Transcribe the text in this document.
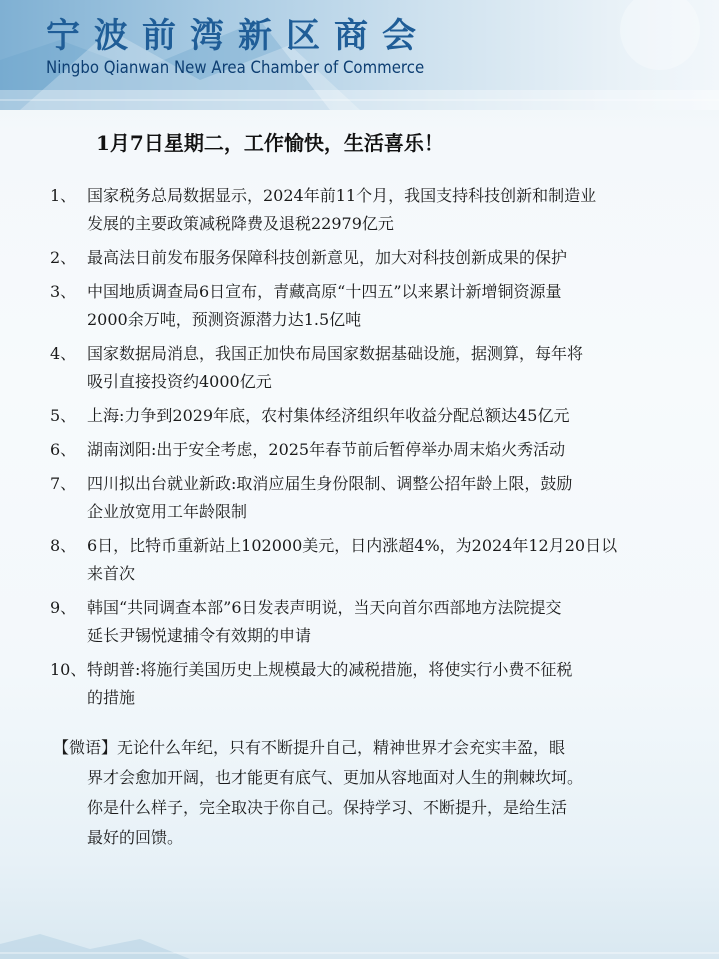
宁波前湾新区商会
Ningbo Qianwan New Area Chamber of Commerce
1月7日星期二，工作愉快，生活喜乐！
1、 国家税务总局数据显示，2024年前11个月，我国支持科技创新和制造业
发展的主要政策减税降费及退税22979亿元
2、 最高法日前发布服务保障科技创新意见，加大对科技创新成果的保护
3、 中国地质调查局6日宣布，青藏高原“十四五”以来累计新增铜资源量
2000余万吨，预测资源潜力达1.5亿吨
4、 国家数据局消息，我国正加快布局国家数据基础设施，据测算，每年将
吸引直接投资约4000亿元
5、 上海:力争到2029年底，农村集体经济组织年收益分配总额达45亿元
6、 湖南浏阳:出于安全考虑，2025年春节前后暂停举办周末焰火秀活动
7、 四川拟出台就业新政:取消应届生身份限制、调整公招年龄上限，鼓励
企业放宽用工年龄限制
8、 6日，比特币重新站上102000美元，日内涨超4%，为2024年12月20日以
来首次
9、 韩国“共同调查本部”6日发表声明说，当天向首尔西部地方法院提交
延长尹锡悦逮捕令有效期的申请
10、 特朗普:将施行美国历史上规模最大的减税措施，将使实行小费不征税
的措施
【微语】无论什么年纪，只有不断提升自己，精神世界才会充实丰盈，眼
界才会愈加开阔，也才能更有底气、更加从容地面对人生的荆棘坎坷。
你是什么样子，完全取决于你自己。保持学习、不断提升，是给生活
最好的回馈。
